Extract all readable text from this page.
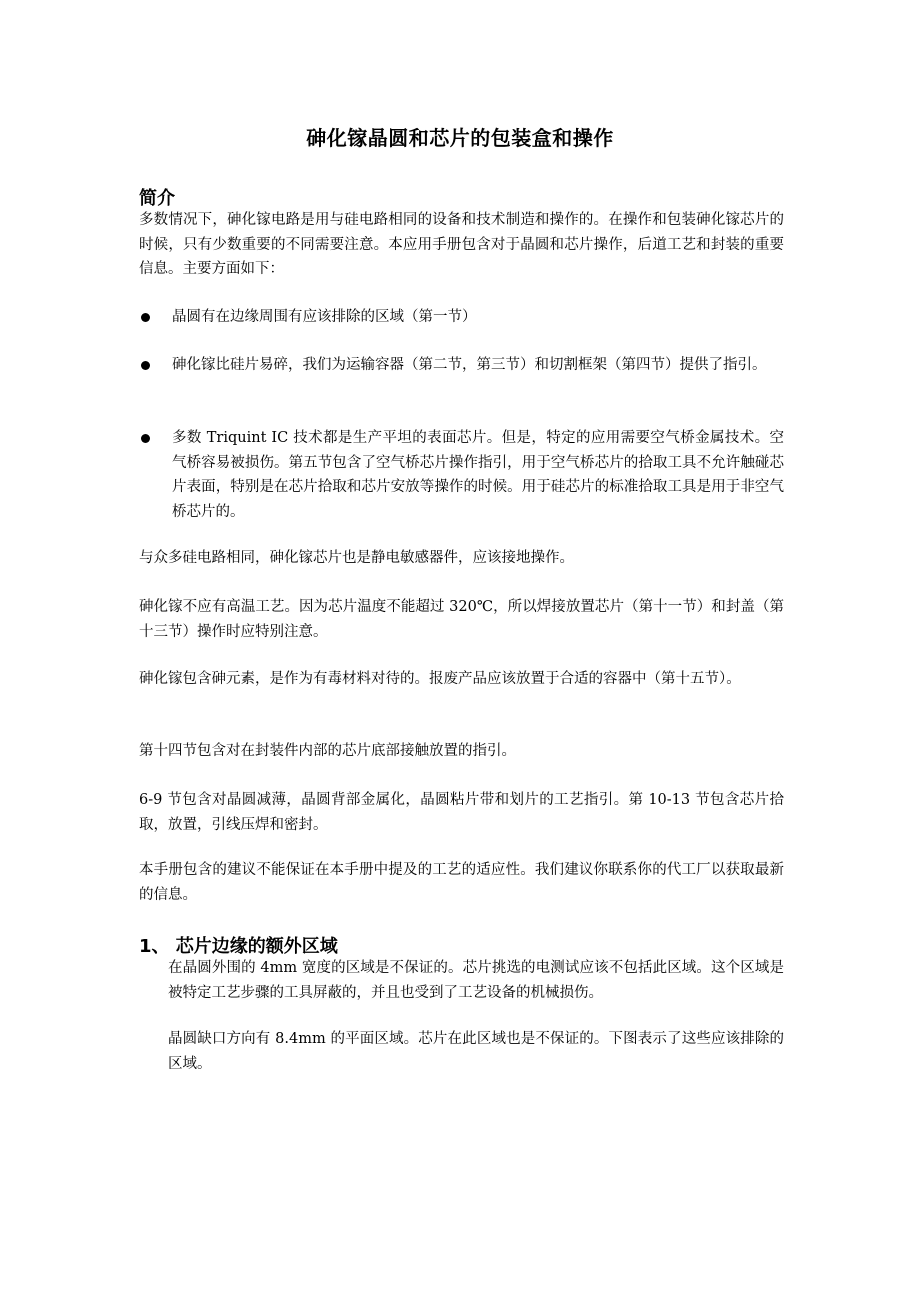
砷化镓晶圆和芯片的包装盒和操作
简介
多数情况下，砷化镓电路是用与硅电路相同的设备和技术制造和操作的。在操作和包装砷化镓芯片的时候，只有少数重要的不同需要注意。本应用手册包含对于晶圆和芯片操作，后道工艺和封装的重要信息。主要方面如下：
晶圆有在边缘周围有应该排除的区域（第一节）
砷化镓比硅片易碎，我们为运输容器（第二节，第三节）和切割框架（第四节）提供了指引。
多数 Triquint IC 技术都是生产平坦的表面芯片。但是，特定的应用需要空气桥金属技术。空气桥容易被损伤。第五节包含了空气桥芯片操作指引，用于空气桥芯片的拾取工具不允许触碰芯片表面，特别是在芯片拾取和芯片安放等操作的时候。用于硅芯片的标准拾取工具是用于非空气桥芯片的。
与众多硅电路相同，砷化镓芯片也是静电敏感器件，应该接地操作。
砷化镓不应有高温工艺。因为芯片温度不能超过 320℃，所以焊接放置芯片（第十一节）和封盖（第十三节）操作时应特别注意。
砷化镓包含砷元素，是作为有毒材料对待的。报废产品应该放置于合适的容器中（第十五节）。
第十四节包含对在封装件内部的芯片底部接触放置的指引。
6-9 节包含对晶圆减薄，晶圆背部金属化，晶圆粘片带和划片的工艺指引。第 10-13 节包含芯片拾取，放置，引线压焊和密封。
本手册包含的建议不能保证在本手册中提及的工艺的适应性。我们建议你联系你的代工厂以获取最新的信息。
1、 芯片边缘的额外区域
在晶圆外围的 4mm 宽度的区域是不保证的。芯片挑选的电测试应该不包括此区域。这个区域是被特定工艺步骤的工具屏蔽的，并且也受到了工艺设备的机械损伤。
晶圆缺口方向有 8.4mm 的平面区域。芯片在此区域也是不保证的。下图表示了这些应该排除的区域。
